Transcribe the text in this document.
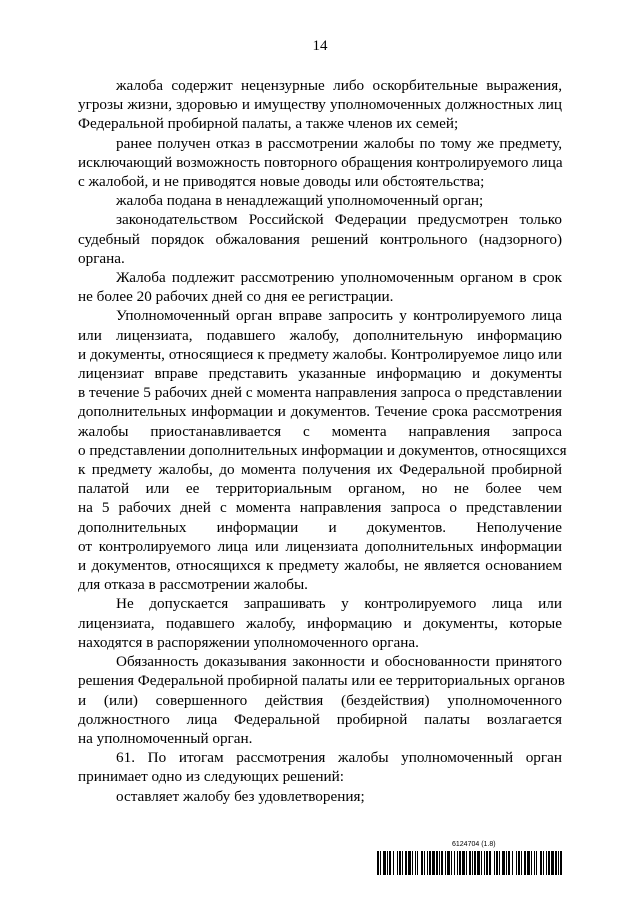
14
жалоба содержит нецензурные либо оскорбительные выражения,
угрозы жизни, здоровью и имуществу уполномоченных должностных лиц
Федеральной пробирной палаты, а также членов их семей;
ранее получен отказ в рассмотрении жалобы по тому же предмету,
исключающий возможность повторного обращения контролируемого лица
с жалобой, и не приводятся новые доводы или обстоятельства;
жалоба подана в ненадлежащий уполномоченный орган;
законодательством Российской Федерации предусмотрен только
судебный порядок обжалования решений контрольного (надзорного)
органа.
Жалоба подлежит рассмотрению уполномоченным органом в срок
не более 20 рабочих дней со дня ее регистрации.
Уполномоченный орган вправе запросить у контролируемого лица
или лицензиата, подавшего жалобу, дополнительную информацию
и документы, относящиеся к предмету жалобы. Контролируемое лицо или
лицензиат вправе представить указанные информацию и документы
в течение 5 рабочих дней с момента направления запроса о представлении
дополнительных информации и документов. Течение срока рассмотрения
жалобы приостанавливается с момента направления запроса
о представлении дополнительных информации и документов, относящихся
к предмету жалобы, до момента получения их Федеральной пробирной
палатой или ее территориальным органом, но не более чем
на 5 рабочих дней с момента направления запроса о представлении
дополнительных информации и документов. Неполучение
от контролируемого лица или лицензиата дополнительных информации
и документов, относящихся к предмету жалобы, не является основанием
для отказа в рассмотрении жалобы.
Не допускается запрашивать у контролируемого лица или
лицензиата, подавшего жалобу, информацию и документы, которые
находятся в распоряжении уполномоченного органа.
Обязанность доказывания законности и обоснованности принятого
решения Федеральной пробирной палаты или ее территориальных органов
и (или) совершенного действия (бездействия) уполномоченного
должностного лица Федеральной пробирной палаты возлагается
на уполномоченный орган.
61. По итогам рассмотрения жалобы уполномоченный орган
принимает одно из следующих решений:
оставляет жалобу без удовлетворения;
6124704 (1.8)
